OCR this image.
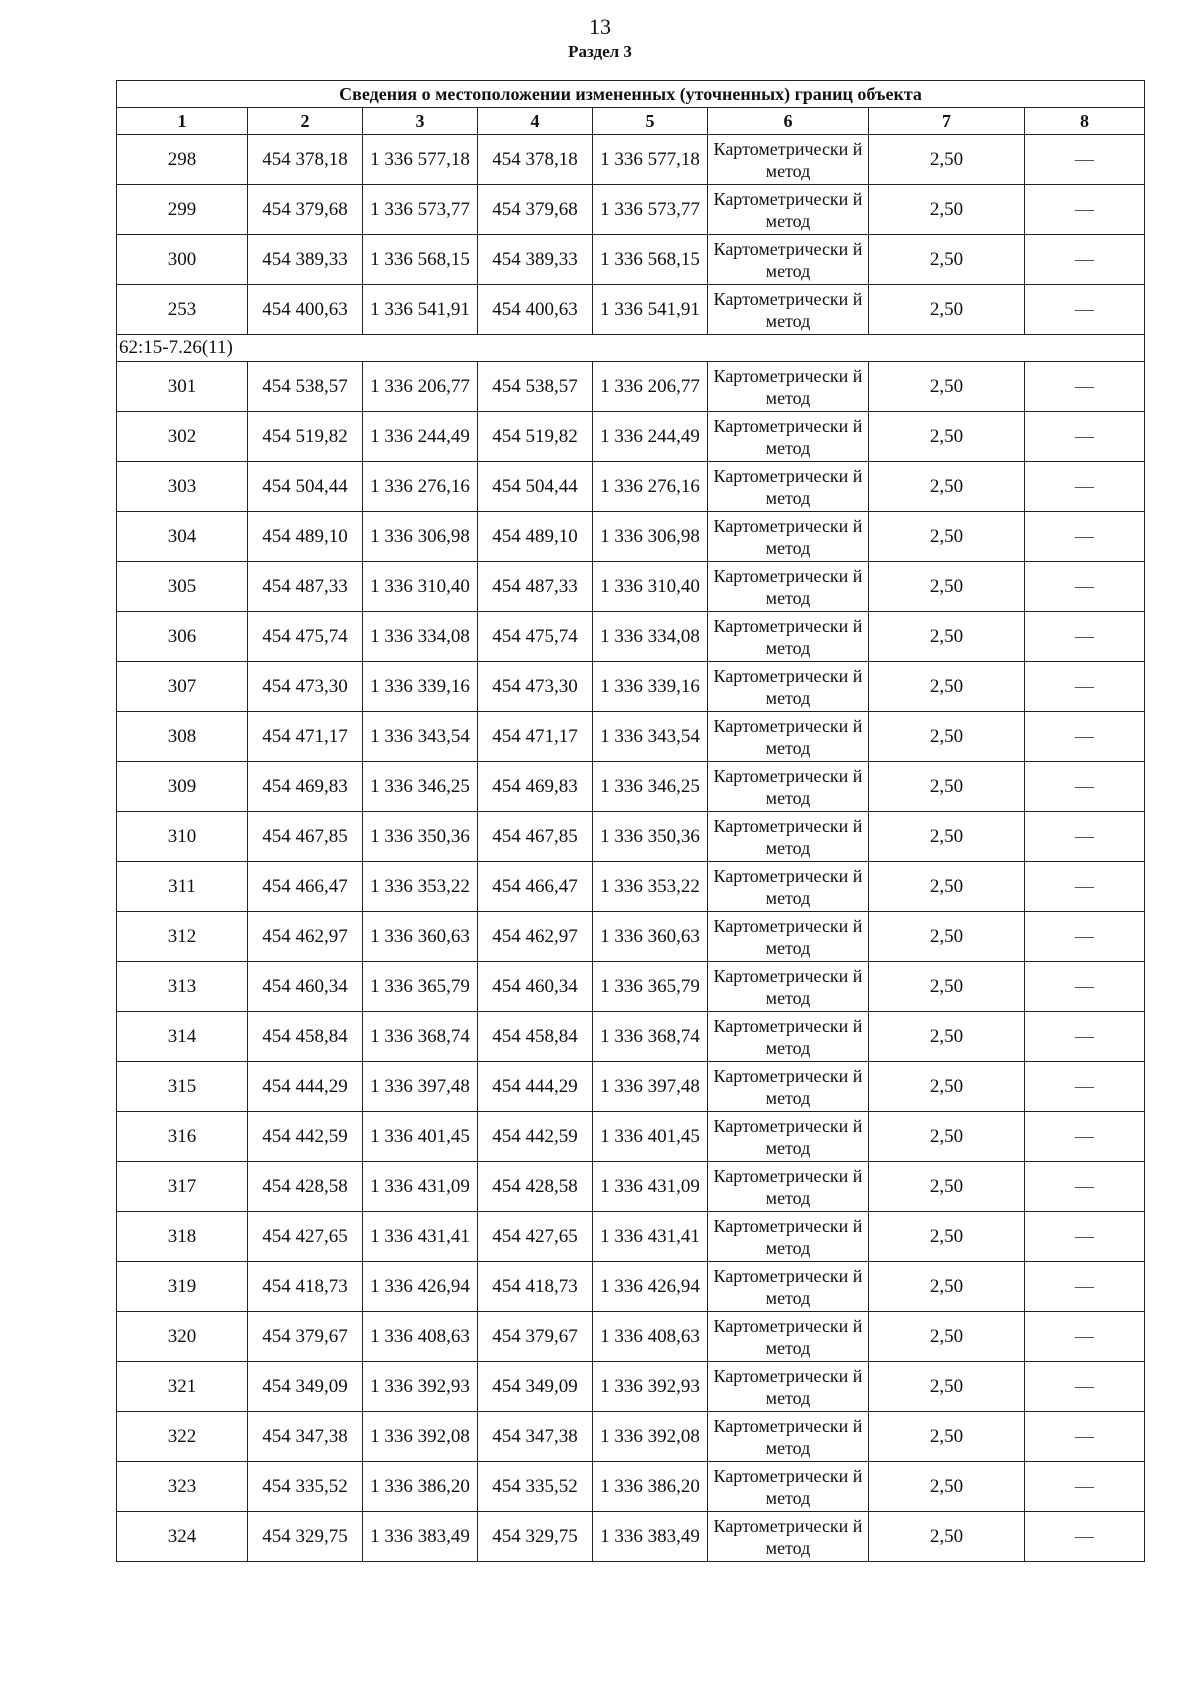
13
Раздел 3
Сведения о местоположении измененных (уточненных) границ объекта							
1	2	3	4	5	6	7	8
298	454 378,18	1 336 577,18	454 378,18	1 336 577,18	Картометрически й метод	2,50	—
299	454 379,68	1 336 573,77	454 379,68	1 336 573,77	Картометрически й метод	2,50	—
300	454 389,33	1 336 568,15	454 389,33	1 336 568,15	Картометрически й метод	2,50	—
253	454 400,63	1 336 541,91	454 400,63	1 336 541,91	Картометрически й метод	2,50	—
62:15-7.26(11)							
301	454 538,57	1 336 206,77	454 538,57	1 336 206,77	Картометрически й метод	2,50	—
302	454 519,82	1 336 244,49	454 519,82	1 336 244,49	Картометрически й метод	2,50	—
303	454 504,44	1 336 276,16	454 504,44	1 336 276,16	Картометрически й метод	2,50	—
304	454 489,10	1 336 306,98	454 489,10	1 336 306,98	Картометрически й метод	2,50	—
305	454 487,33	1 336 310,40	454 487,33	1 336 310,40	Картометрически й метод	2,50	—
306	454 475,74	1 336 334,08	454 475,74	1 336 334,08	Картометрически й метод	2,50	—
307	454 473,30	1 336 339,16	454 473,30	1 336 339,16	Картометрически й метод	2,50	—
308	454 471,17	1 336 343,54	454 471,17	1 336 343,54	Картометрически й метод	2,50	—
309	454 469,83	1 336 346,25	454 469,83	1 336 346,25	Картометрически й метод	2,50	—
310	454 467,85	1 336 350,36	454 467,85	1 336 350,36	Картометрически й метод	2,50	—
311	454 466,47	1 336 353,22	454 466,47	1 336 353,22	Картометрически й метод	2,50	—
312	454 462,97	1 336 360,63	454 462,97	1 336 360,63	Картометрически й метод	2,50	—
313	454 460,34	1 336 365,79	454 460,34	1 336 365,79	Картометрически й метод	2,50	—
314	454 458,84	1 336 368,74	454 458,84	1 336 368,74	Картометрически й метод	2,50	—
315	454 444,29	1 336 397,48	454 444,29	1 336 397,48	Картометрически й метод	2,50	—
316	454 442,59	1 336 401,45	454 442,59	1 336 401,45	Картометрически й метод	2,50	—
317	454 428,58	1 336 431,09	454 428,58	1 336 431,09	Картометрически й метод	2,50	—
318	454 427,65	1 336 431,41	454 427,65	1 336 431,41	Картометрически й метод	2,50	—
319	454 418,73	1 336 426,94	454 418,73	1 336 426,94	Картометрически й метод	2,50	—
320	454 379,67	1 336 408,63	454 379,67	1 336 408,63	Картометрически й метод	2,50	—
321	454 349,09	1 336 392,93	454 349,09	1 336 392,93	Картометрически й метод	2,50	—
322	454 347,38	1 336 392,08	454 347,38	1 336 392,08	Картометрически й метод	2,50	—
323	454 335,52	1 336 386,20	454 335,52	1 336 386,20	Картометрически й метод	2,50	—
324	454 329,75	1 336 383,49	454 329,75	1 336 383,49	Картометрически й метод	2,50	—
